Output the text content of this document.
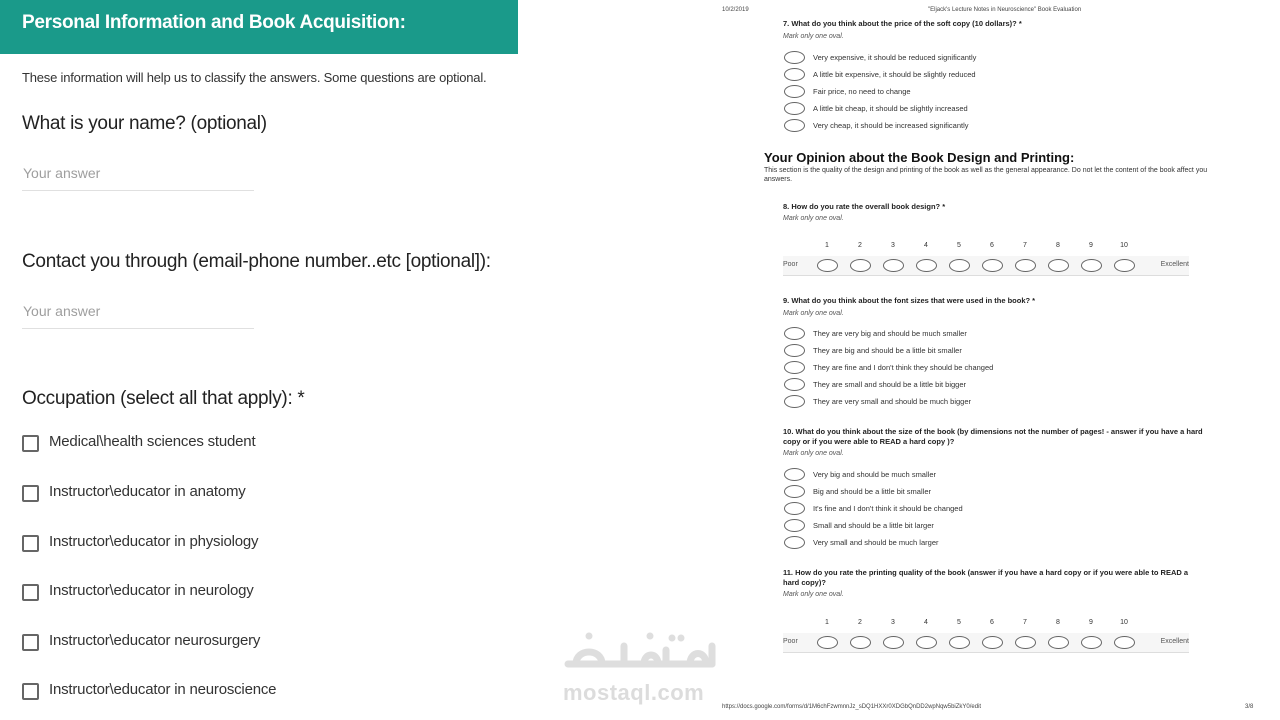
Personal Information and Book Acquisition:
These information will help us to classify the answers. Some questions are optional.
What is your name? (optional)
Your answer
Contact you through (email-phone number..etc [optional]):
Your answer
Occupation (select all that apply): *
Medical\health sciences student
Instructor\educator in anatomy
Instructor\educator in physiology
Instructor\educator in neurology
Instructor\educator neurosurgery
Instructor\educator in neuroscience
10/2/2019	"Eljack's Lecture Notes in Neuroscience" Book Evaluation
7. What do you think about the price of the soft copy (10 dollars)? *
Mark only one oval.
Very expensive, it should be reduced significantly
A little bit expensive, it should be slightly reduced
Fair price, no need to change
A little bit cheap, it should be slightly increased
Very cheap, it should be increased significantly
Your Opinion about the Book Design and Printing:
This section is the quality of the design and printing of the book as well as the general appearance. Do not let the content of the book affect you answers.
8. How do you rate the overall book design? *
Mark only one oval.
1	2	3	4	5	6	7	8	9	10
Poor	Excellent
9. What do you think about the font sizes that were used in the book? *
Mark only one oval.
They are very big and should be much smaller
They are big and should be a little bit smaller
They are fine and I don't think they should be changed
They are small and should be a little bit bigger
They are very small and should be much bigger
10. What do you think about the size of the book (by dimensions not the number of pages! - answer if you have a hard copy or if you were able to READ a hard copy )?
Mark only one oval.
Very big and should be much smaller
Big and should be a little bit smaller
It's fine and I don't think it should be changed
Small and should be a little bit larger
Very small and should be much larger
11. How do you rate the printing quality of the book (answer if you have a hard copy or if you were able to READ a hard copy)?
Mark only one oval.
1	2	3	4	5	6	7	8	9	10
Poor	Excellent
https://docs.google.com/forms/d/1M6chFzwmnnJz_sDQ1HXXr0XDGbQnDD2wpNqw5biZkY0/edit	3/8
mostaql.com
